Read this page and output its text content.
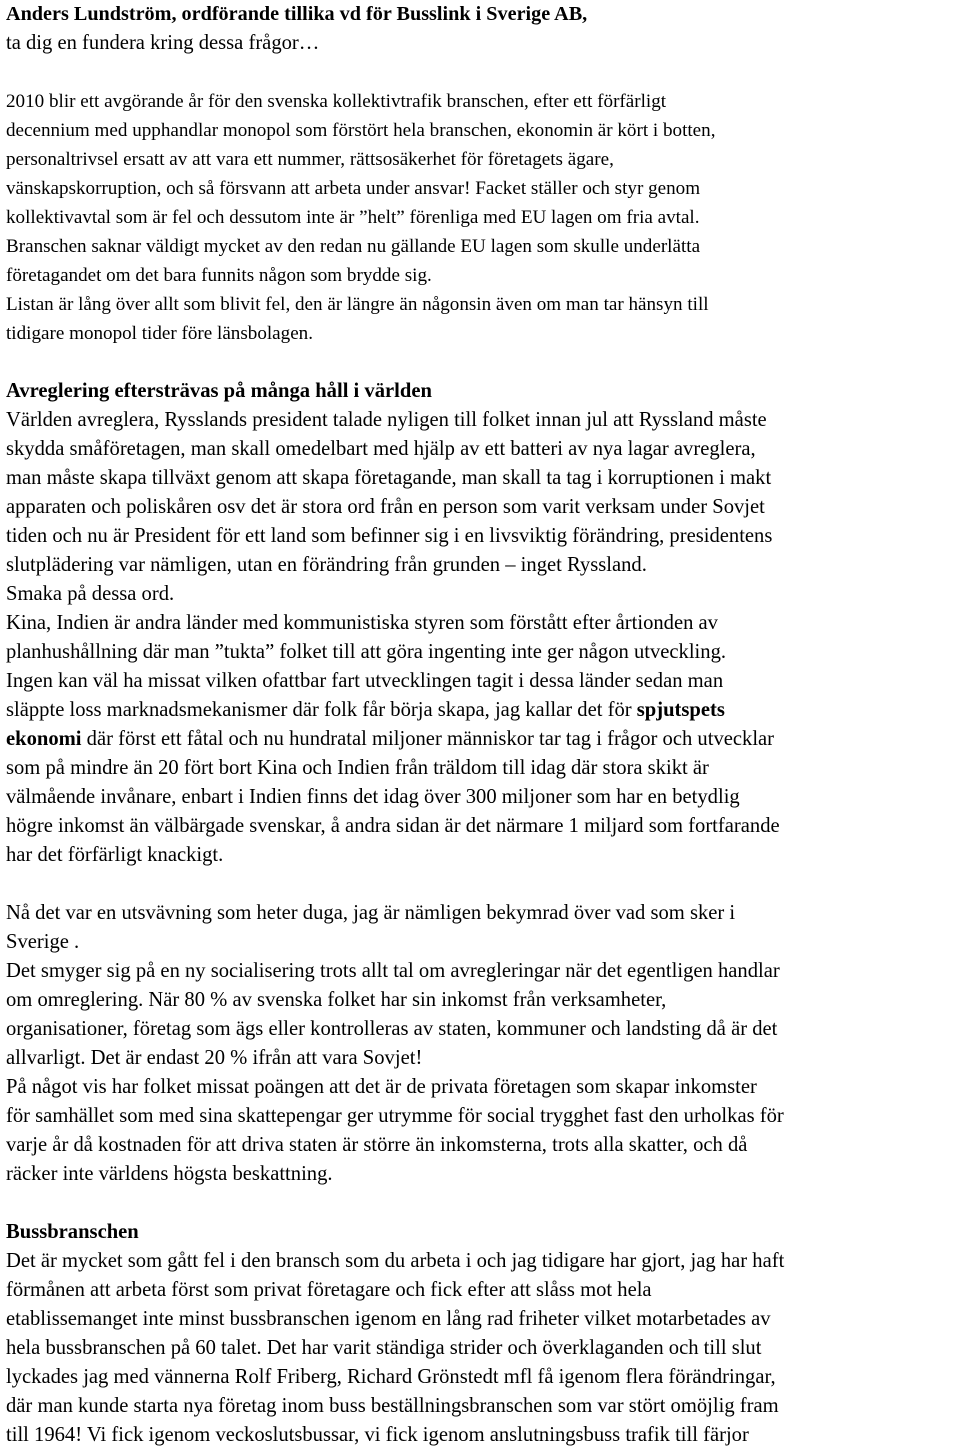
Anders Lundström, ordförande tillika vd för Busslink i Sverige AB,
ta dig en fundera kring dessa frågor…
2010 blir ett avgörande år för den svenska kollektivtrafik branschen, efter ett förfärligt
decennium med upphandlar monopol som förstört hela branschen, ekonomin är kört i botten,
personaltrivsel ersatt av att vara ett nummer, rättsosäkerhet för företagets ägare,
vänskapskorruption, och så försvann att arbeta under ansvar! Facket ställer och styr genom
kollektivavtal som är fel och dessutom inte är ”helt” förenliga med EU lagen om fria avtal.
Branschen saknar väldigt mycket av den redan nu gällande EU lagen som skulle underlätta
företagandet om det bara funnits någon som brydde sig.
Listan är lång över allt som blivit fel, den är längre än någonsin även om man tar hänsyn till
tidigare monopol tider före länsbolagen.
Avreglering eftersträvas på många håll i världen
Världen avreglera, Rysslands president talade nyligen till folket innan jul att Ryssland måste
skydda småföretagen, man skall omedelbart med hjälp av ett batteri av nya lagar avreglera,
man måste skapa tillväxt genom att skapa företagande, man skall ta tag i korruptionen i makt
apparaten och poliskåren osv det är stora ord från en person som varit verksam under Sovjet
tiden och nu är President för ett land som befinner sig i en livsviktig förändring, presidentens
slutplädering var nämligen, utan en förändring från grunden – inget Ryssland.
Smaka på dessa ord.
Kina, Indien är andra länder med kommunistiska styren som förstått efter årtionden av
planhushållning där man ”tukta” folket till att göra ingenting inte ger någon utveckling.
Ingen kan väl ha missat vilken ofattbar fart utvecklingen tagit i dessa länder sedan man
släppte loss marknadsmekanismer där folk får börja skapa, jag kallar det för spjutspets
ekonomi där först ett fåtal och nu hundratal miljoner människor tar tag i frågor och utvecklar
som på mindre än 20 fört bort Kina och Indien från träldom till idag där stora skikt är
välmående invånare, enbart i Indien finns det idag över 300 miljoner som har en betydlig
högre inkomst än välbärgade svenskar, å andra sidan är det närmare 1 miljard som fortfarande
har det förfärligt knackigt.
Nå det var en utsvävning som heter duga, jag är nämligen bekymrad över vad som sker i
Sverige .
Det smyger sig på en ny socialisering trots allt tal om avregleringar när det egentligen handlar
om omreglering. När 80 % av svenska folket har sin inkomst från verksamheter,
organisationer, företag som ägs eller kontrolleras av staten, kommuner och landsting då är det
allvarligt. Det är endast 20 % ifrån att vara Sovjet!
På något vis har folket missat poängen att det är de privata företagen som skapar inkomster
för samhället som med sina skattepengar ger utrymme för social trygghet fast den urholkas för
varje år då kostnaden för att driva staten är större än inkomsterna, trots alla skatter, och då
räcker inte världens högsta beskattning.
Bussbranschen
Det är mycket som gått fel i den bransch som du arbeta i och jag tidigare har gjort, jag har haft
förmånen att arbeta först som privat företagare och fick efter att slåss mot hela
etablissemanget inte minst bussbranschen igenom en lång rad friheter vilket motarbetades av
hela bussbranschen på 60 talet. Det har varit ständiga strider och överklaganden och till slut
lyckades jag med vännerna Rolf Friberg, Richard Grönstedt mfl få igenom flera förändringar,
där man kunde starta nya företag inom buss beställningsbranschen som var stört omöjlig fram
till 1964! Vi fick igenom veckoslutsbussar, vi fick igenom anslutningsbuss trafik till färjor
